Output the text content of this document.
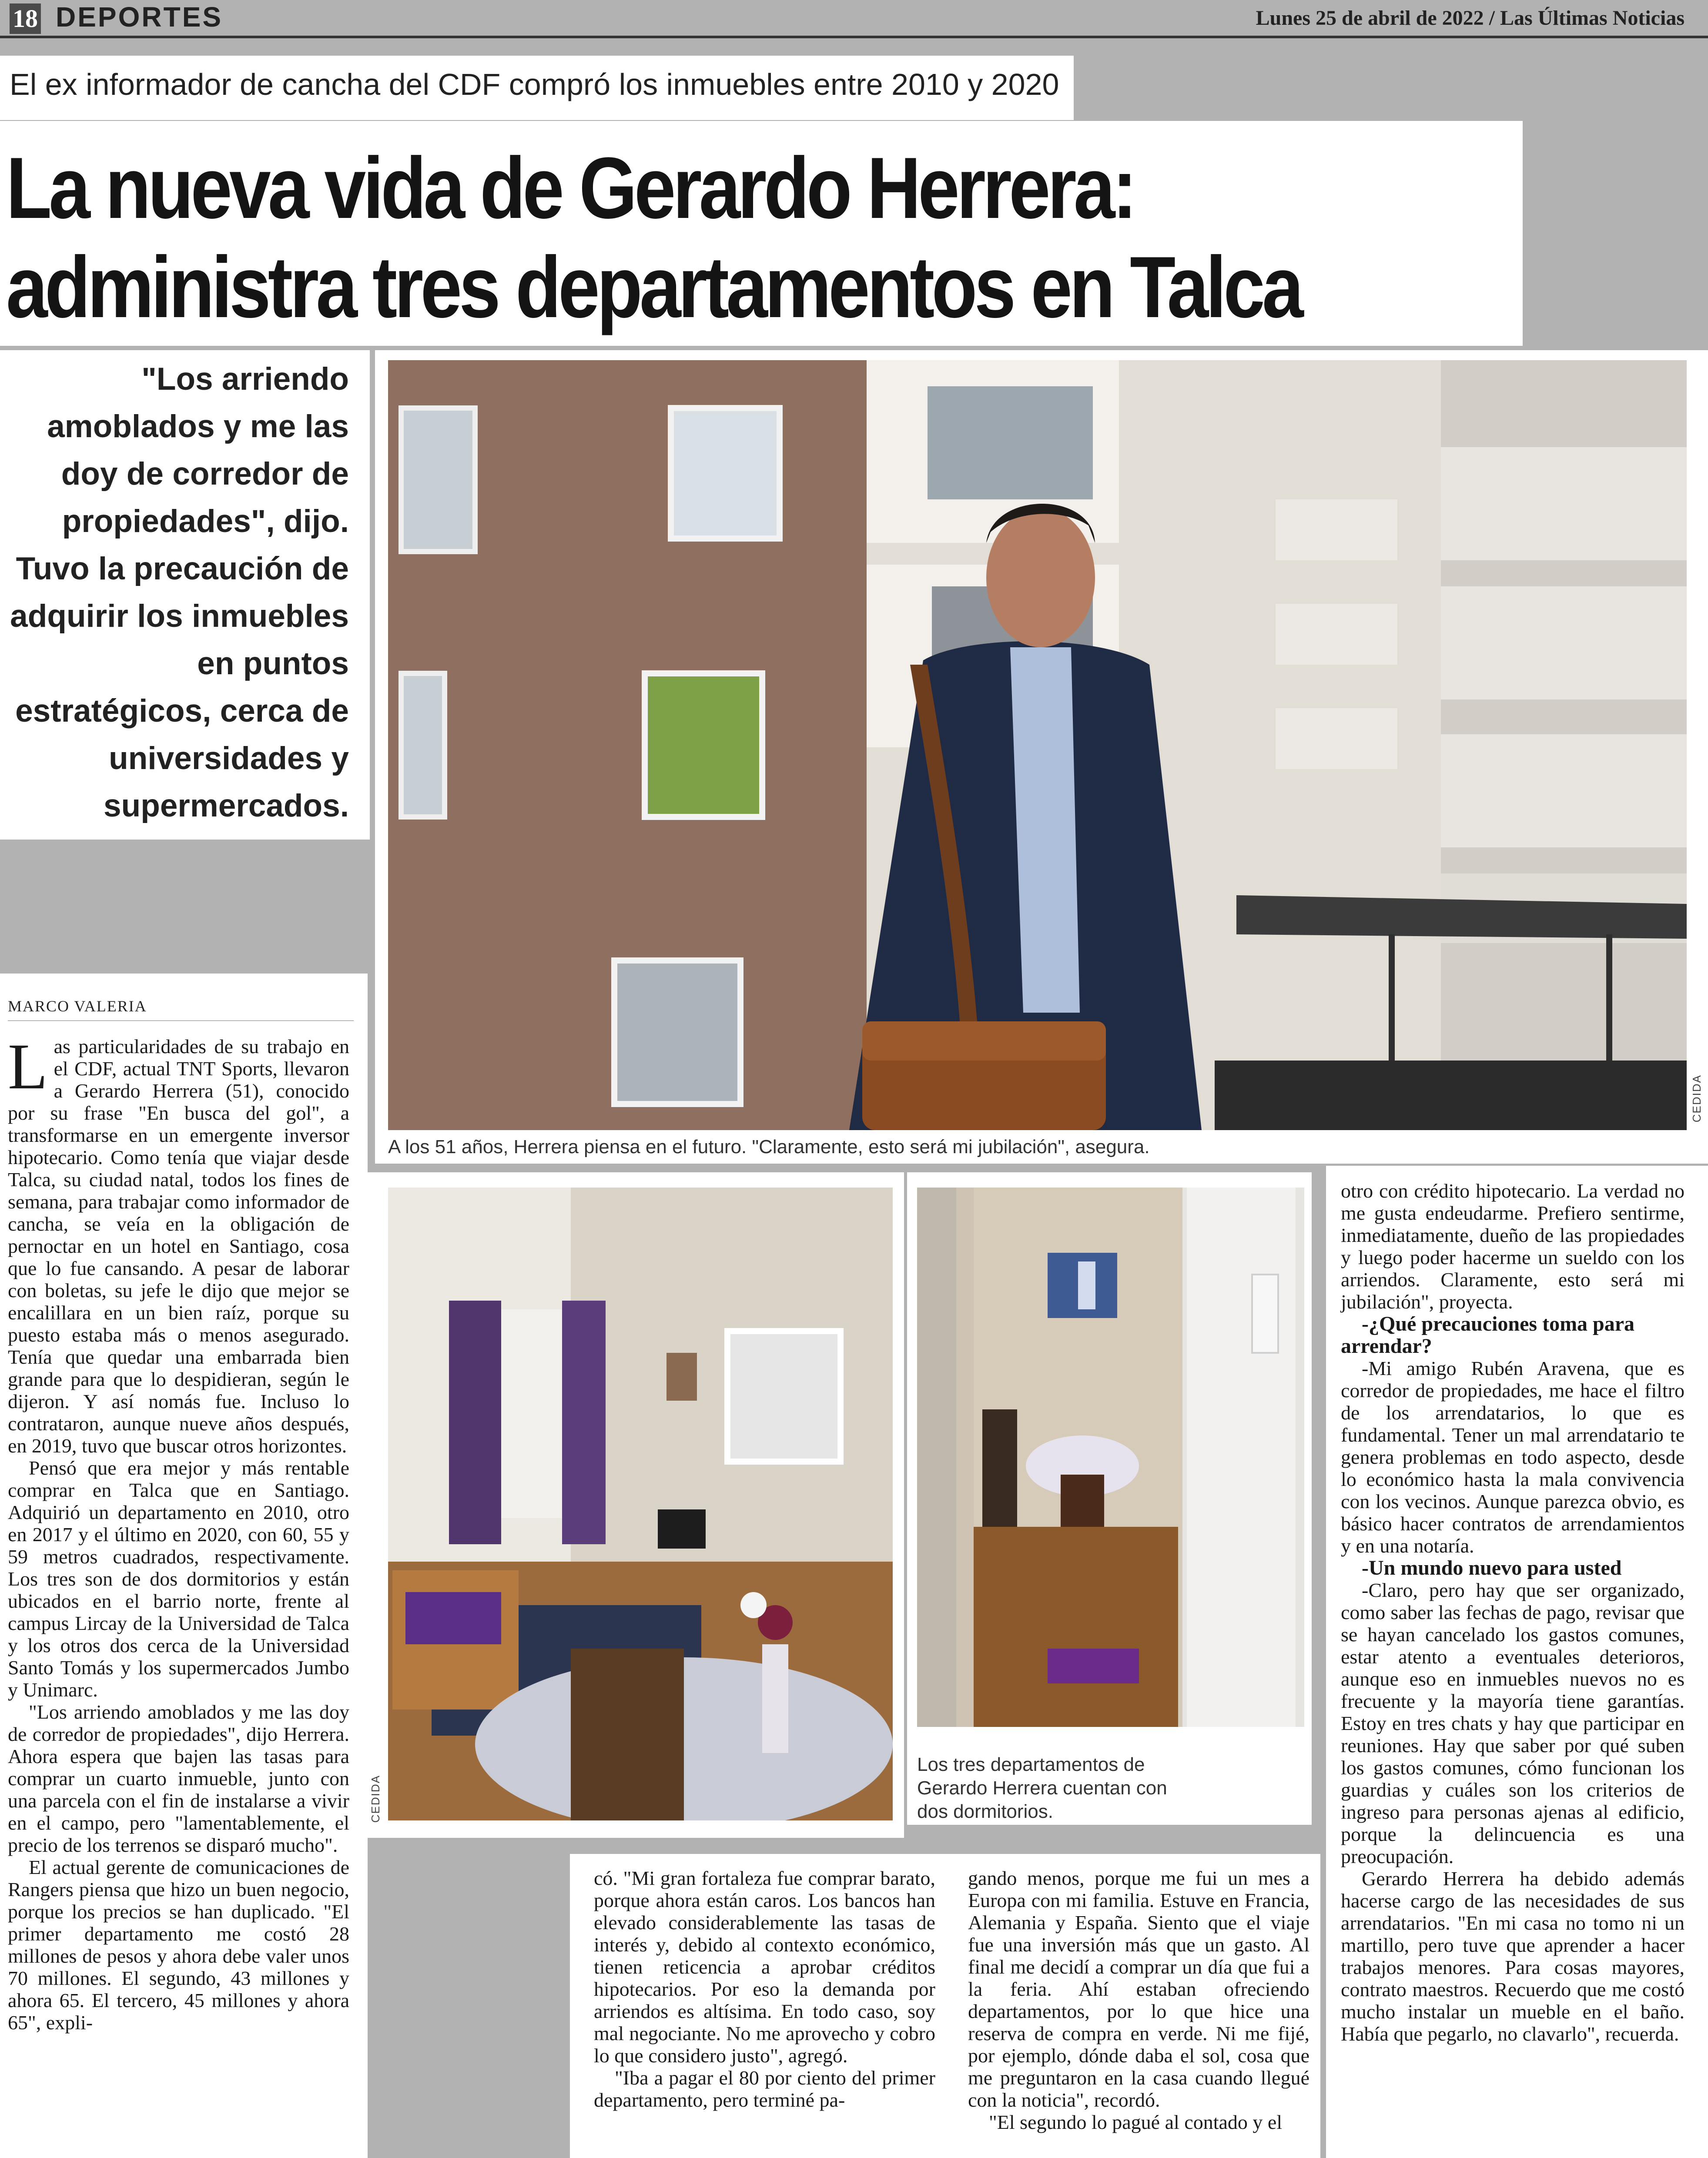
18 DEPORTES	Lunes 25 de abril de 2022 / Las Últimas Noticias
El ex informador de cancha del CDF compró los inmuebles entre 2010 y 2020
La nueva vida de Gerardo Herrera:
administra tres departamentos en Talca

"Los arriendo amoblados y me las doy de corredor de propiedades", dijo. Tuvo la precaución de adquirir los inmuebles en puntos estratégicos, cerca de universidades y supermercados.

CEDIDA
A los 51 años, Herrera piensa en el futuro. "Claramente, esto será mi jubilación", asegura.
CEDIDA
Los tres departamentos de Gerardo Herrera cuentan con dos dormitorios.
MARCO VALERIA

Las particularidades de su trabajo en el CDF, actual TNT Sports, llevaron a Gerardo Herrera (51), conocido por su frase "En busca del gol", a transformarse en un emergente inversor hipotecario. Como tenía que viajar desde Talca, su ciudad natal, todos los fines de semana, para trabajar como informador de cancha, se veía en la obligación de pernoctar en un hotel en Santiago, cosa que lo fue cansando. A pesar de laborar con boletas, su jefe le dijo que mejor se encalillara en un bien raíz, porque su puesto estaba más o menos asegurado. Tenía que quedar una embarrada bien grande para que lo despidieran, según le dijeron. Y así nomás fue. Incluso lo contrataron, aunque nueve años después, en 2019, tuvo que buscar otros horizontes.

Pensó que era mejor y más rentable comprar en Talca que en Santiago. Adquirió un departamento en 2010, otro en 2017 y el último en 2020, con 60, 55 y 59 metros cuadrados, respectivamente. Los tres son de dos dormitorios y están ubicados en el barrio norte, frente al campus Lircay de la Universidad de Talca y los otros dos cerca de la Universidad Santo Tomás y los supermercados Jumbo y Unimarc.

"Los arriendo amoblados y me las doy de corredor de propiedades", dijo Herrera. Ahora espera que bajen las tasas para comprar un cuarto inmueble, junto con una parcela con el fin de instalarse a vivir en el campo, pero "lamentablemente, el precio de los terrenos se disparó mucho".

El actual gerente de comunicaciones de Rangers piensa que hizo un buen negocio, porque los precios se han duplicado. "El primer departamento me costó 28 millones de pesos y ahora debe valer unos 70 millones. El segundo, 43 millones y ahora 65. El tercero, 45 millones y ahora 65", expli-

có. "Mi gran fortaleza fue comprar barato, porque ahora están caros. Los bancos han elevado considerablemente las tasas de interés y, debido al contexto económico, tienen reticencia a aprobar créditos hipotecarios. Por eso la demanda por arriendos es altísima. En todo caso, soy mal negociante. No me aprovecho y cobro lo que considero justo", agregó.

"Iba a pagar el 80 por ciento del primer departamento, pero terminé pa-

gando menos, porque me fui un mes a Europa con mi familia. Estuve en Francia, Alemania y España. Siento que el viaje fue una inversión más que un gasto. Al final me decidí a comprar un día que fui a la feria. Ahí estaban ofreciendo departamentos, por lo que hice una reserva de compra en verde. Ni me fijé, por ejemplo, dónde daba el sol, cosa que me preguntaron en la casa cuando llegué con la noticia", recordó.

"El segundo lo pagué al contado y el

otro con crédito hipotecario. La verdad no me gusta endeudarme. Prefiero sentirme, inmediatamente, dueño de las propiedades y luego poder hacerme un sueldo con los arriendos. Claramente, esto será mi jubilación", proyecta.

-¿Qué precauciones toma para arrendar?

-Mi amigo Rubén Aravena, que es corredor de propiedades, me hace el filtro de los arrendatarios, lo que es fundamental. Tener un mal arrendatario te genera problemas en todo aspecto, desde lo económico hasta la mala convivencia con los vecinos. Aunque parezca obvio, es básico hacer contratos de arrendamientos y en una notaría.

-Un mundo nuevo para usted

-Claro, pero hay que ser organizado, como saber las fechas de pago, revisar que se hayan cancelado los gastos comunes, estar atento a eventuales deterioros, aunque eso en inmuebles nuevos no es frecuente y la mayoría tiene garantías. Estoy en tres chats y hay que participar en reuniones. Hay que saber por qué suben los gastos comunes, cómo funcionan los guardias y cuáles son los criterios de ingreso para personas ajenas al edificio, porque la delincuencia es una preocupación.

Gerardo Herrera ha debido además hacerse cargo de las necesidades de sus arrendatarios. "En mi casa no tomo ni un martillo, pero tuve que aprender a hacer trabajos menores. Para cosas mayores, contrato maestros. Recuerdo que me costó mucho instalar un mueble en el baño. Había que pegarlo, no clavarlo", recuerda.
